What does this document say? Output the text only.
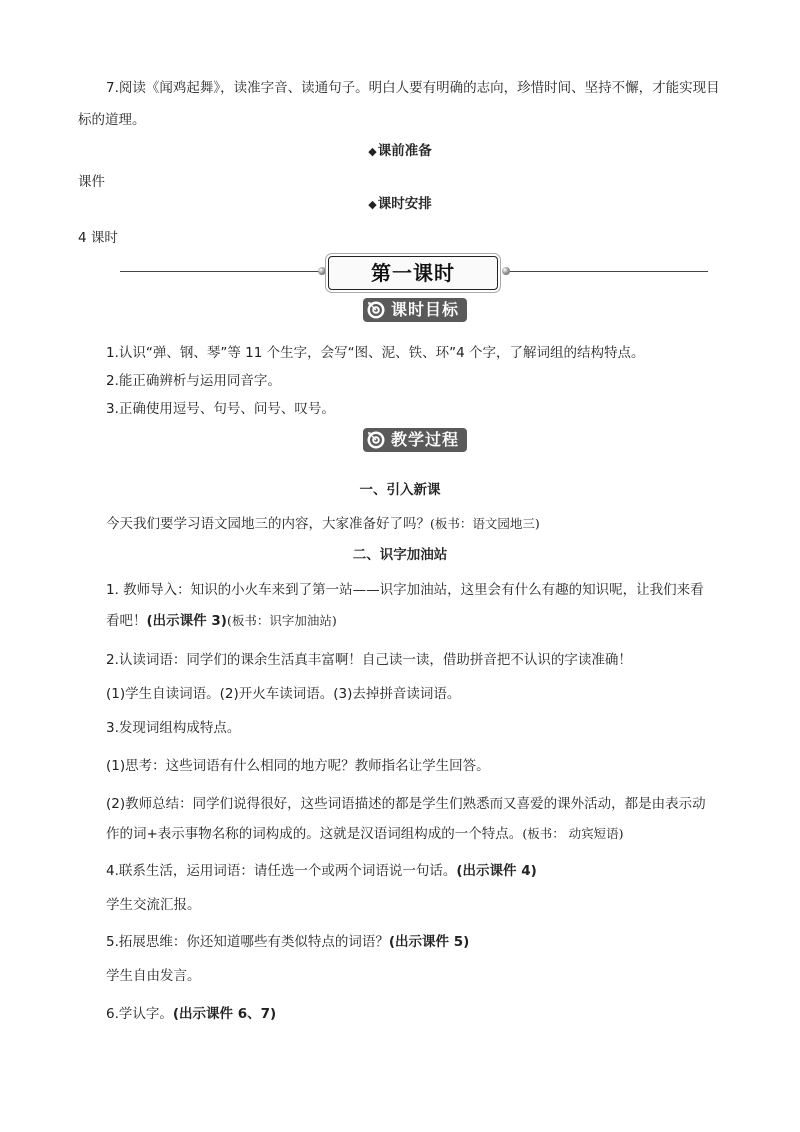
7.阅读《闻鸡起舞》，读准字音、读通句子。明白人要有明确的志向，珍惜时间、坚持不懈，才能实现目
标的道理。
◆课前准备
课件
◆课时安排
4 课时
第一课时
课时目标
1.认识“弹、钢、琴”等 11 个生字，会写“图、泥、铁、环”4 个字，了解词组的结构特点。
2.能正确辨析与运用同音字。
3.正确使用逗号、句号、问号、叹号。
教学过程
一、引入新课
今天我们要学习语文园地三的内容，大家准备好了吗？(板书：语文园地三)
二、识字加油站
1. 教师导入：知识的小火车来到了第一站——识字加油站，这里会有什么有趣的知识呢，让我们来看
看吧！(出示课件 3)(板书：识字加油站)
2.认读词语：同学们的课余生活真丰富啊！自己读一读，借助拼音把不认识的字读准确！
(1)学生自读词语。(2)开火车读词语。(3)去掉拼音读词语。
3.发现词组构成特点。
(1)思考：这些词语有什么相同的地方呢？教师指名让学生回答。
(2)教师总结：同学们说得很好，这些词语描述的都是学生们熟悉而又喜爱的课外活动，都是由表示动
作的词+表示事物名称的词构成的。这就是汉语词组构成的一个特点。(板书： 动宾短语)
4.联系生活，运用词语：请任选一个或两个词语说一句话。(出示课件 4)
学生交流汇报。
5.拓展思维：你还知道哪些有类似特点的词语？(出示课件 5)
学生自由发言。
6.学认字。(出示课件 6、7)
